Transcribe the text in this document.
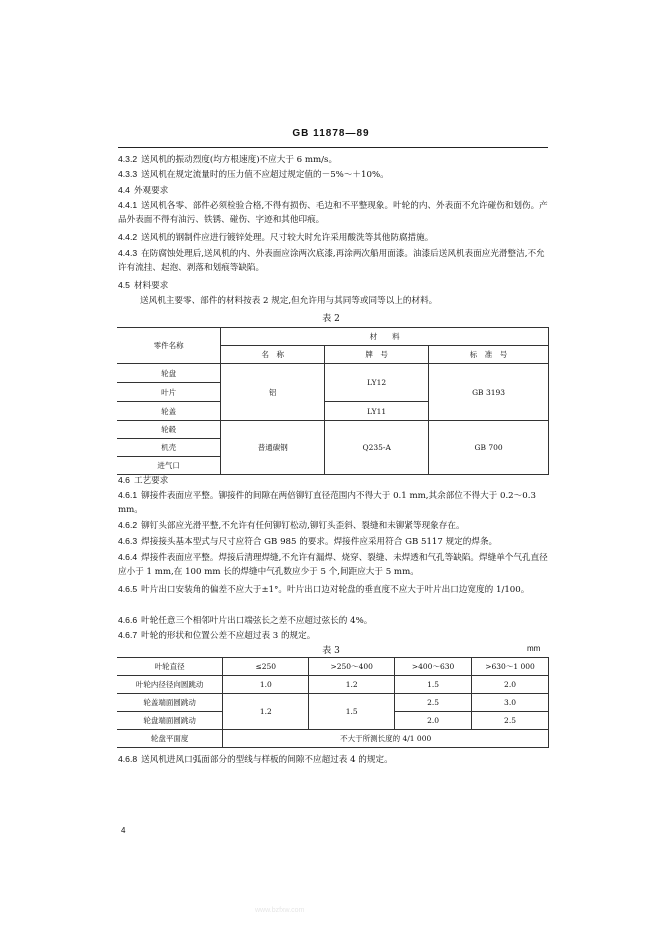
GB 11878—89
4.3.2 送风机的振动烈度(均方根速度)不应大于 6 mm/s。
4.3.3 送风机在规定流量时的压力值不应超过规定值的－5%～＋10%。
4.4 外观要求
4.4.1 送风机各零、部件必须检验合格,不得有损伤、毛边和不平整现象。叶轮的内、外表面不允许碰伤和划伤。产品外表面不得有油污、铁锈、碰伤、字迹和其他印痕。
4.4.2 送风机的钢制件应进行镀锌处理。尺寸较大时允许采用酸洗等其他防腐措施。
4.4.3 在防腐蚀处理后,送风机的内、外表面应涂两次底漆,再涂两次船用面漆。油漆后送风机表面应光滑整洁,不允许有流挂、起泡、剥落和划痕等缺陷。
4.5 材料要求
送风机主要零、部件的材料按表 2 规定,但允许用与其同等或同等以上的材料。
表 2
零件名称	材　　料		
	名　称	牌　号	标　准　号
轮盘	铝	LY12	GB 3193
叶片			
轮盖		LY11	
轮毂	普通碳钢	Q235-A	GB 700
机壳			
进气口			
4.6 工艺要求
4.6.1 铆接件表面应平整。铆接件的间隙在两倍铆钉直径范围内不得大于 0.1 mm,其余部位不得大于 0.2～0.3 mm。
4.6.2 铆钉头部应光滑平整,不允许有任何铆钉松动,铆钉头歪斜、裂缝和未铆紧等现象存在。
4.6.3 焊接接头基本型式与尺寸应符合 GB 985 的要求。焊接件应采用符合 GB 5117 规定的焊条。
4.6.4 焊接件表面应平整。焊接后清理焊缝,不允许有漏焊、烧穿、裂缝、未焊透和气孔等缺陷。焊缝单个气孔直径应小于 1 mm,在 100 mm 长的焊缝中气孔数应少于 5 个,间距应大于 5 mm。
4.6.5 叶片出口安装角的偏差不应大于±1°。叶片出口边对轮盘的垂直度不应大于叶片出口边宽度的 1/100。
4.6.6 叶轮任意三个相邻叶片出口端弦长之差不应超过弦长的 4%。
4.6.7 叶轮的形状和位置公差不应超过表 3 的规定。
表 3	mm
叶轮直径	≤250	>250～400	>400～630	>630～1 000
叶轮内径径向圆跳动	1.0	1.2	1.5	2.0
轮盖端面圆跳动	1.2	1.5	2.5	3.0
轮盘端面圆跳动			2.0	2.5
轮盘平面度	不大于所测长度的 4/1 000			
4.6.8 送风机进风口弧面部分的型线与样板的间隙不应超过表 4 的规定。
4
www.bzfxw.com
